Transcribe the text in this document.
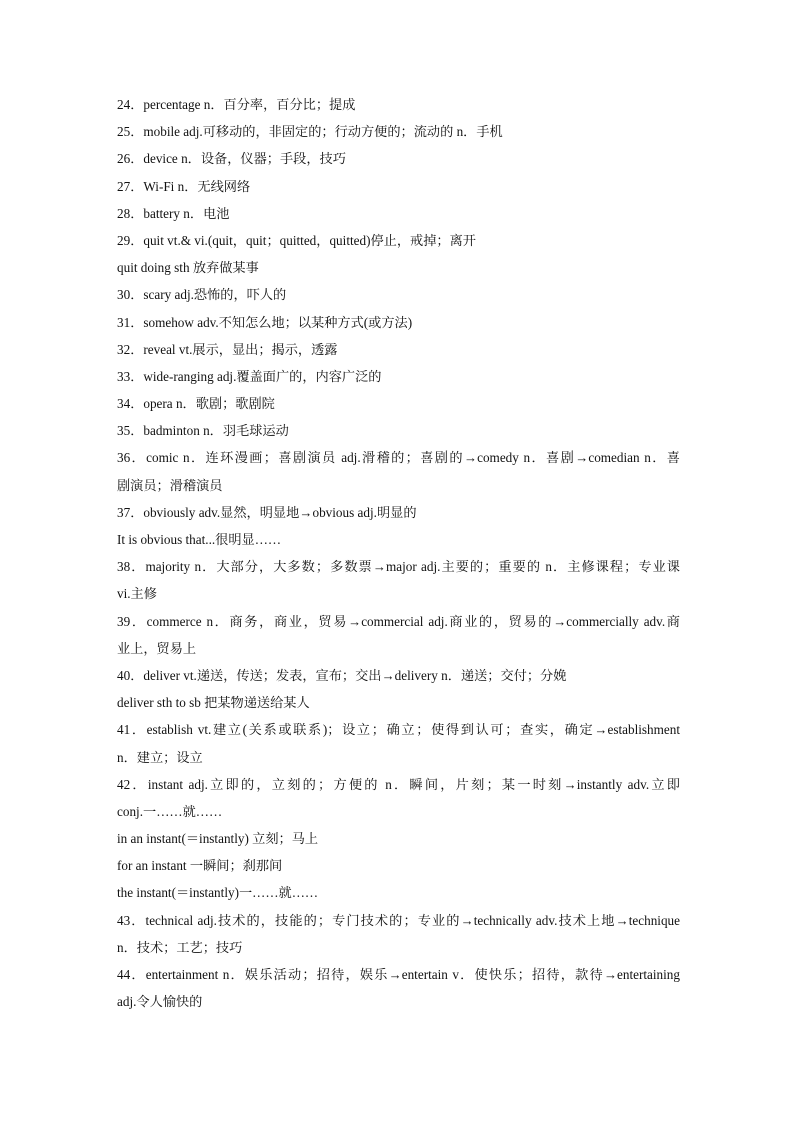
24．percentage n．百分率，百分比；提成
25．mobile adj.可移动的，非固定的；行动方便的；流动的 n．手机
26．device n．设备，仪器；手段，技巧
27．Wi-Fi n．无线网络
28．battery n．电池
29．quit vt.& vi.(quit，quit；quitted，quitted)停止，戒掉；离开
quit doing sth 放弃做某事
30．scary adj.恐怖的，吓人的
31．somehow adv.不知怎么地；以某种方式(或方法)
32．reveal vt.展示，显出；揭示，透露
33．wide-ranging adj.覆盖面广的，内容广泛的
34．opera n．歌剧；歌剧院
35．badminton n．羽毛球运动
36．comic n．连环漫画；喜剧演员 adj.滑稽的；喜剧的→comedy n．喜剧→comedian n．喜
剧演员；滑稽演员
37．obviously adv.显然，明显地→obvious adj.明显的
It is obvious that...很明显……
38．majority n．大部分，大多数；多数票→major adj.主要的；重要的 n．主修课程；专业课
vi.主修
39．commerce n．商务，商业，贸易→commercial adj.商业的，贸易的→commercially adv.商
业上，贸易上
40．deliver vt.递送，传送；发表，宣布；交出→delivery n．递送；交付；分娩
deliver sth to sb 把某物递送给某人
41．establish vt.建立(关系或联系)；设立；确立；使得到认可；查实，确定→establishment
n．建立；设立
42．instant adj.立即的，立刻的；方便的 n．瞬间，片刻；某一时刻→instantly adv.立即
conj.一……就……
in an instant(＝instantly) 立刻；马上
for an instant 一瞬间；刹那间
the instant(＝instantly)一……就……
43．technical adj.技术的，技能的；专门技术的；专业的→technically adv.技术上地→technique
n．技术；工艺；技巧
44．entertainment n．娱乐活动；招待，娱乐→entertain v．使快乐；招待，款待→entertaining
adj.令人愉快的
